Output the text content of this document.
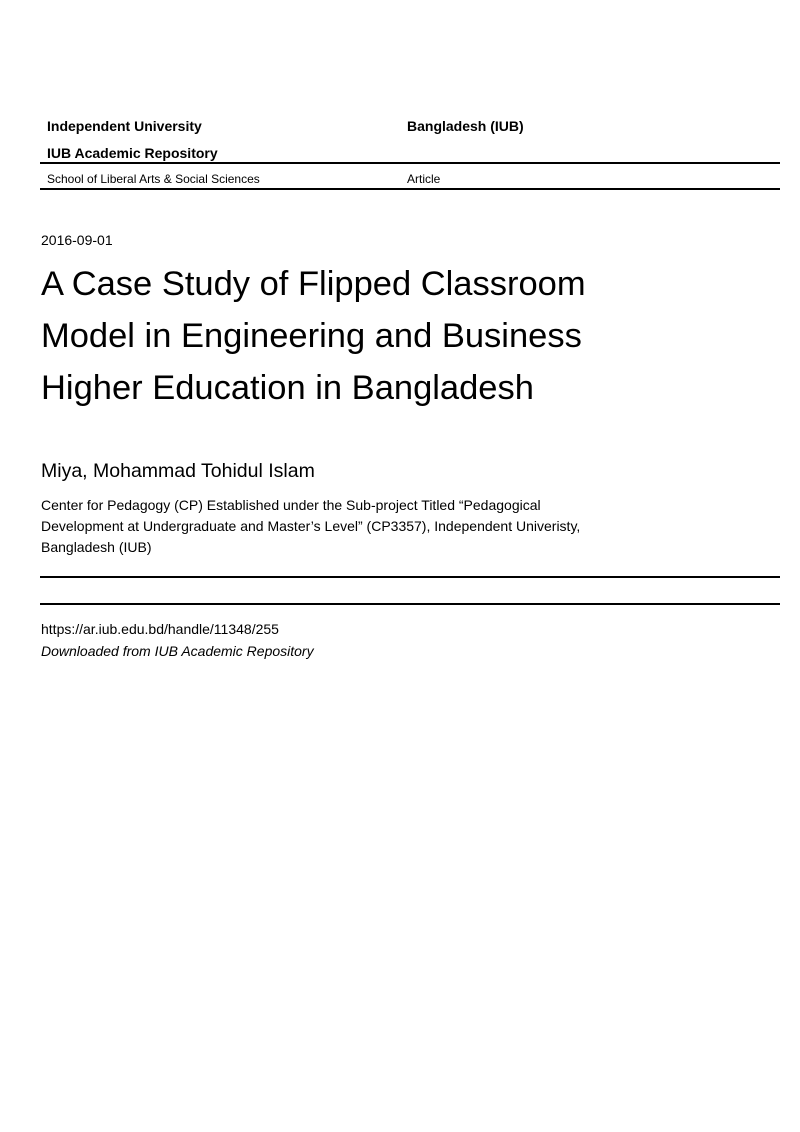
Independent University	Bangladesh (IUB)
IUB Academic Repository
School of Liberal Arts & Social Sciences	Article
2016-09-01
A Case Study of Flipped Classroom
Model in Engineering and Business
Higher Education in Bangladesh
Miya, Mohammad Tohidul Islam
Center for Pedagogy (CP) Established under the Sub-project Titled “Pedagogical
Development at Undergraduate and Master’s Level” (CP3357), Independent Univeristy,
Bangladesh (IUB)
https://ar.iub.edu.bd/handle/11348/255
Downloaded from IUB Academic Repository
